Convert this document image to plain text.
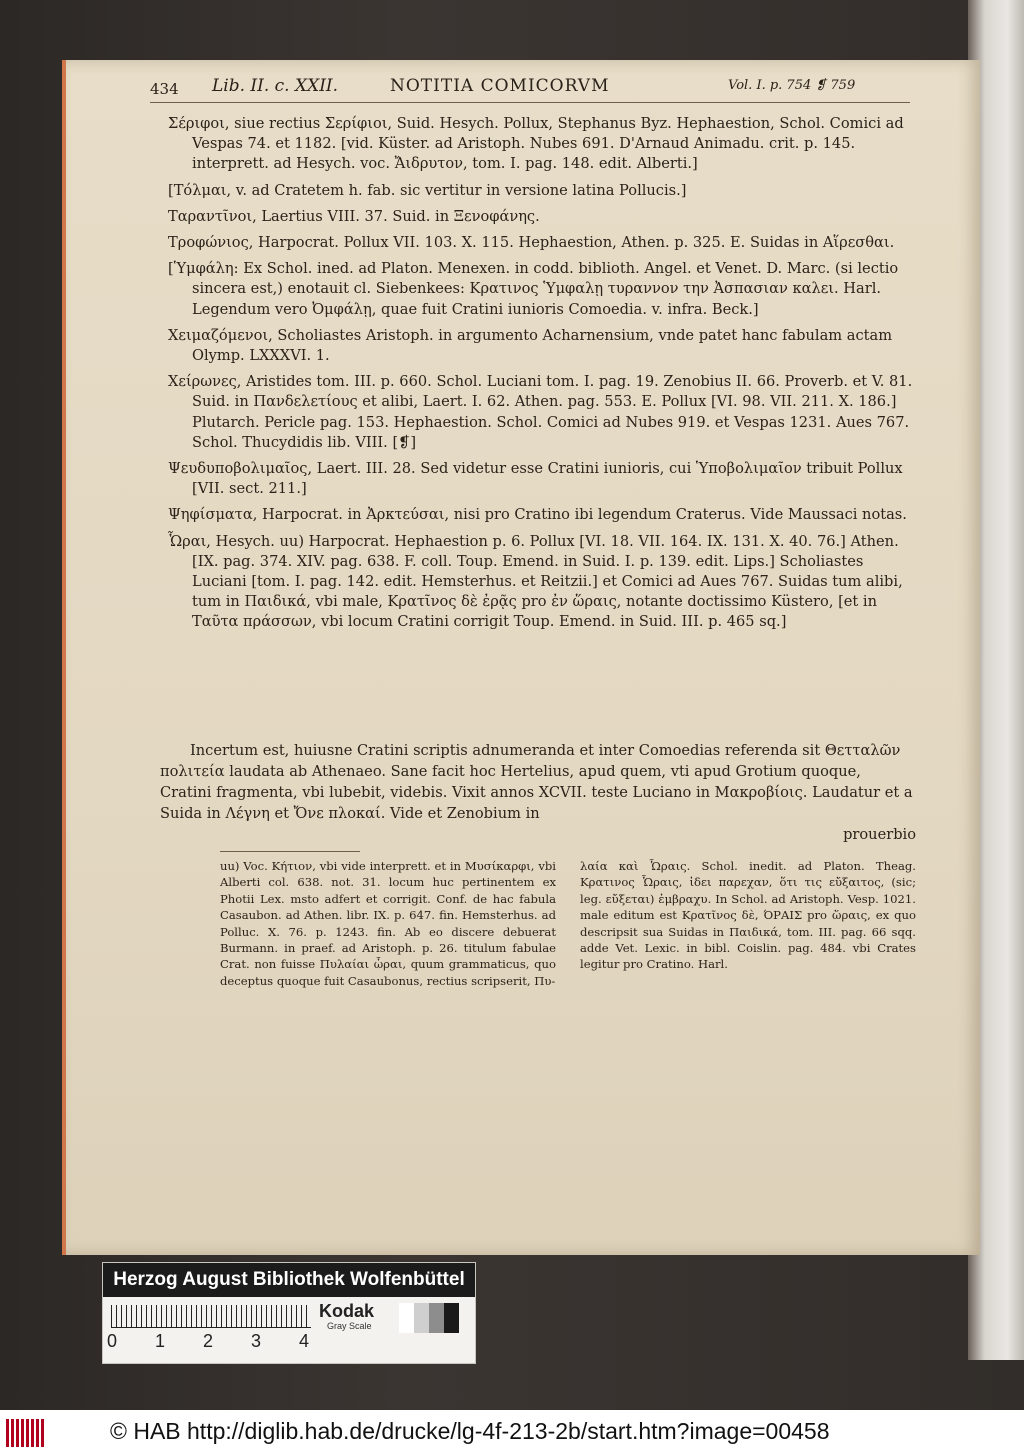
434 Lib. II. c. XXII.	NOTITIA COMICORVM	Vol. I. p. 754 ❡ 759
Σέριφοι, siue rectius Σερίφιοι, Suid. Hesych. Pollux, Stephanus Byz. Hephaestion, Schol. Comici ad Vespas 74. et 1182. [vid. Küster. ad Aristoph. Nubes 691. D'Arnaud Animadu. crit. p. 145. interprett. ad Hesych. voc. Ἄιδρυτον, tom. I. pag. 148. edit. Alberti.]
[Τόλμαι, v. ad Cratetem h. fab. sic vertitur in versione latina Pollucis.]
Ταραντῖνοι, Laertius VIII. 37. Suid. in Ξενοφάνης.
Τροφώνιος, Harpocrat. Pollux VII. 103. X. 115. Hephaestion, Athen. p. 325. E. Suidas in Αἵρεσθαι.
[Ὑμφάλη: Ex Schol. ined. ad Platon. Menexen. in codd. biblioth. Angel. et Venet. D. Marc. (si lectio sincera est,) enotauit cl. Siebenkees: Κρατινος Ὑμφαλῃ τυραννον την Ἀσπασιαν καλει. Harl. Legendum vero Ὀμφάλῃ, quae fuit Cratini iunioris Comoedia. v. infra. Beck.]
Χειμαζόμενοι, Scholiastes Aristoph. in argumento Acharnensium, vnde patet hanc fabulam actam Olymp. LXXXVI. 1.
Χείρωνες, Aristides tom. III. p. 660. Schol. Luciani tom. I. pag. 19. Zenobius II. 66. Proverb. et V. 81. Suid. in Πανδελετίους et alibi, Laert. I. 62. Athen. pag. 553. E. Pollux [VI. 98. VII. 211. X. 186.] Plutarch. Pericle pag. 153. Hephaestion. Schol. Comici ad Nubes 919. et Vespas 1231. Aues 767. Schol. Thucydidis lib. VIII. [❡]
Ψευδυποβολιμαῖος, Laert. III. 28. Sed videtur esse Cratini iunioris, cui Ὑποβολιμαῖον tribuit Pollux [VII. sect. 211.]
Ψηφίσματα, Harpocrat. in Ἀρκτεύσαι, nisi pro Cratino ibi legendum Craterus. Vide Maussaci notas.
Ὧραι, Hesych. uu) Harpocrat. Hephaestion p. 6. Pollux [VI. 18. VII. 164. IX. 131. X. 40. 76.] Athen. [IX. pag. 374. XIV. pag. 638. F. coll. Toup. Emend. in Suid. I. p. 139. edit. Lips.] Scholiastes Luciani [tom. I. pag. 142. edit. Hemsterhus. et Reitzii.] et Comici ad Aues 767. Suidas tum alibi, tum in Παιδικά, vbi male, Κρατῖνος δὲ ἐρᾷς pro ἐν ὥραις, notante doctissimo Küstero, [et in Ταῦτα πράσσων, vbi locum Cratini corrigit Toup. Emend. in Suid. III. p. 465 sq.]
Incertum est, huiusne Cratini scriptis adnumeranda et inter Comoedias referenda sit Θετταλῶν πολιτεία laudata ab Athenaeo. Sane facit hoc Hertelius, apud quem, vti apud Grotium quoque, Cratini fragmenta, vbi lubebit, videbis. Vixit annos XCVII. teste Luciano in Μακροβίοις. Laudatur et a Suida in Λέγνη et Ὄνε πλοκαί. Vide et Zenobium in
prouerbio
uu) Voc. Κήτιον, vbi vide interprett. et in Μυσίκαρφι, vbi Alberti col. 638. not. 31. locum huc pertinentem ex Photii Lex. msto adfert et corrigit. Conf. de hac fabula Casaubon. ad Athen. libr. IX. p. 647. fin. Hemsterhus. ad Polluc. X. 76. p. 1243. fin. Ab eo discere debuerat Burmann. in praef. ad Aristoph. p. 26. titulum fabulae Crat. non fuisse Πυλαίαι ὧραι, quum grammaticus, quo deceptus quoque fuit Casaubonus, rectius scripserit, Πυ-
λαία καὶ Ὧραις. Schol. inedit. ad Platon. Theag. Κρατινος Ὧραις, ἰδει παρεχαν, ὅτι τις εὔξαιτος, (sic; leg. εὔξεται) ἐμβραχυ. In Schol. ad Aristoph. Vesp. 1021. male editum est Κρατῖνος δὲ, ΌΡΑΙΣ pro ὥραις, ex quo descripsit sua Suidas in Παιδικά, tom. III. pag. 66 sqq. adde Vet. Lexic. in bibl. Coislin. pag. 484. vbi Crates legitur pro Cratino. Harl.
Herzog August Bibliothek Wolfenbüttel
0 1 2 3 4
Kodak
Gray Scale
© HAB http://diglib.hab.de/drucke/lg-4f-213-2b/start.htm?image=00458
